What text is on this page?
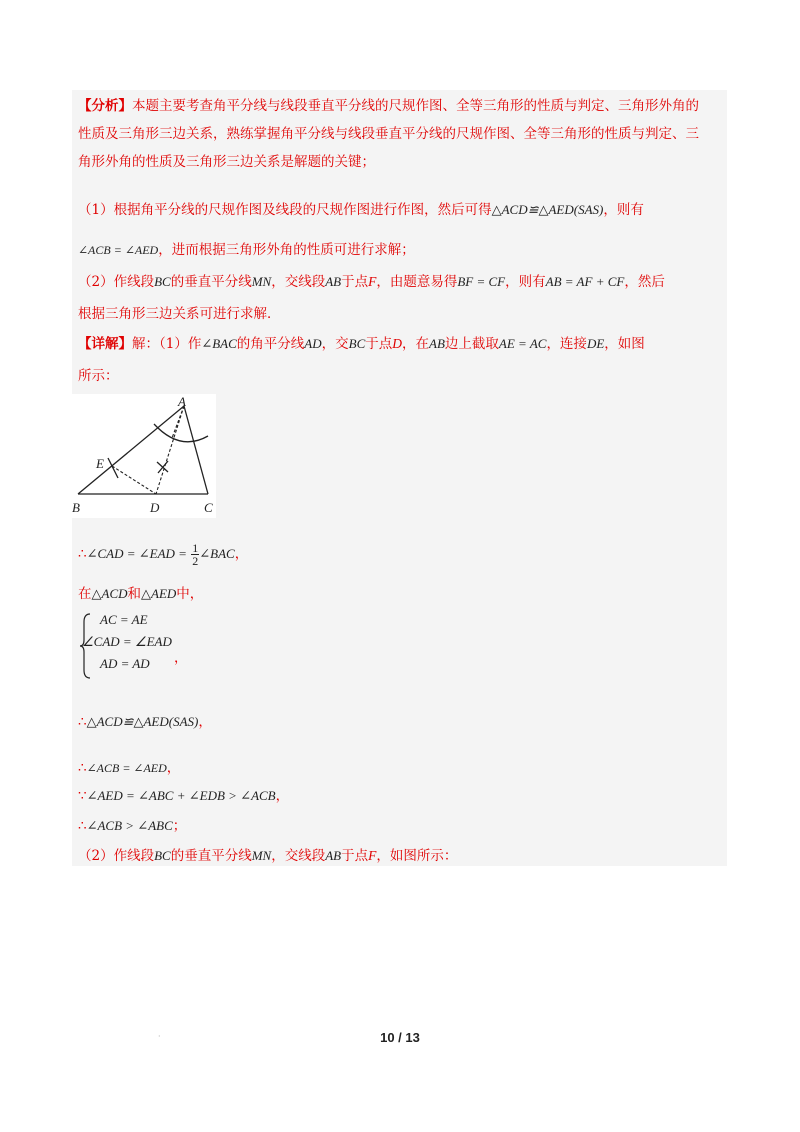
【分析】本题主要考查角平分线与线段垂直平分线的尺规作图、全等三角形的性质与判定、三角形外角的
性质及三角形三边关系，熟练掌握角平分线与线段垂直平分线的尺规作图、全等三角形的性质与判定、三
角形外角的性质及三角形三边关系是解题的关键；
（1）根据角平分线的尺规作图及线段的尺规作图进行作图，然后可得△ACD≌△AED(SAS)，则有
∠ACB = ∠AED，进而根据三角形外角的性质可进行求解；
（2）作线段BC的垂直平分线MN，交线段AB于点F，由题意易得BF = CF，则有AB = AF + CF，然后
根据三角形三边关系可进行求解．
【详解】解：（1）作∠BAC的角平分线AD，交BC于点D，在AB边上截取AE = AC，连接DE，如图
所示：
A
B	C
D
E
∴∠CAD = ∠EAD = $\frac{1}{2}$ ∠BAC，
在△ACD和△AED中，
AC = AE
∠CAD = ∠EAD
AD = AD ，
∴△ACD≌△AED(SAS)，
∴∠ACB = ∠AED，
∵∠AED = ∠ABC + ∠EDB > ∠ACB，
∴∠ACB > ∠ABC；
（2）作线段BC的垂直平分线MN，交线段AB于点F，如图所示：
·	10 / 13
